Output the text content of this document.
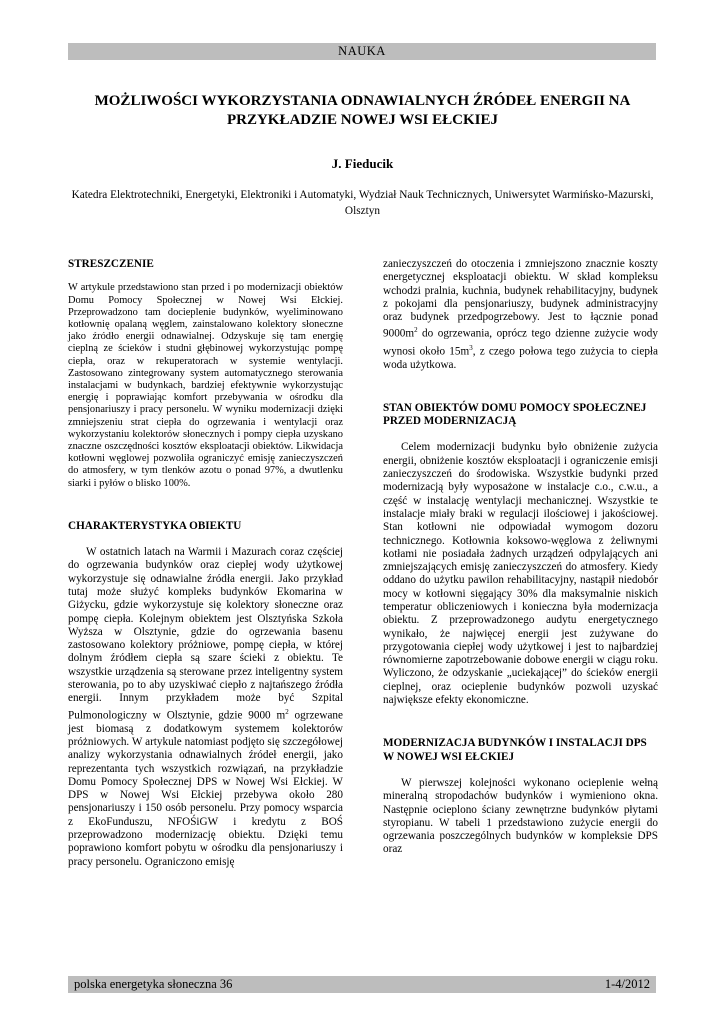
NAUKA
MOŻLIWOŚCI WYKORZYSTANIA ODNAWIALNYCH ŹRÓDEŁ ENERGII NA PRZYKŁADZIE NOWEJ WSI EŁCKIEJ
J. Fieducik
Katedra Elektrotechniki, Energetyki, Elektroniki i Automatyki, Wydział Nauk Technicznych, Uniwersytet Warmińsko-Mazurski, Olsztyn
STRESZCZENIE

W artykule przedstawiono stan przed i po modernizacji obiektów Domu Pomocy Społecznej w Nowej Wsi Ełckiej. Przeprowadzono tam docieplenie budynków, wyeliminowano kotłownię opalaną węglem, zainstalowano kolektory słoneczne jako źródło energii odnawialnej. Odzyskuje się tam energię cieplną ze ścieków i studni głębinowej wykorzystując pompę ciepła, oraz w rekuperatorach w systemie wentylacji. Zastosowano zintegrowany system automatycznego sterowania instalacjami w budynkach, bardziej efektywnie wykorzystując energię i poprawiając komfort przebywania w ośrodku dla pensjonariuszy i pracy personelu. W wyniku modernizacji dzięki zmniejszeniu strat ciepła do ogrzewania i wentylacji oraz wykorzystaniu kolektorów słonecznych i pompy ciepła uzyskano znaczne oszczędności kosztów eksploatacji obiektów. Likwidacja kotłowni węglowej pozwoliła ograniczyć emisję zanieczyszczeń do atmosfery, w tym tlenków azotu o ponad 97%, a dwutlenku siarki i pyłów o blisko 100%.

CHARAKTERYSTYKA OBIEKTU

W ostatnich latach na Warmii i Mazurach coraz częściej do ogrzewania budynków oraz ciepłej wody użytkowej wykorzystuje się odnawialne źródła energii. Jako przykład tutaj może służyć kompleks budynków Ekomarina w Giżycku, gdzie wykorzystuje się kolektory słoneczne oraz pompę ciepła. Kolejnym obiektem jest Olsztyńska Szkoła Wyższa w Olsztynie, gdzie do ogrzewania basenu zastosowano kolektory próżniowe, pompę ciepła, w której dolnym źródłem ciepła są szare ścieki z obiektu. Te wszystkie urządzenia są sterowane przez inteligentny system sterowania, po to aby uzyskiwać ciepło z najtańszego źródła energii. Innym przykładem może być Szpital Pulmonologiczny w Olsztynie, gdzie 9000 $m^2$ ogrzewane jest biomasą z dodatkowym systemem kolektorów próżniowych. W artykule natomiast podjęto się szczegółowej analizy wykorzystania odnawialnych źródeł energii, jako reprezentanta tych wszystkich rozwiązań, na przykładzie Domu Pomocy Społecznej DPS w Nowej Wsi Ełckiej. W DPS w Nowej Wsi Ełckiej przebywa około 280 pensjonariuszy i 150 osób personelu. Przy pomocy wsparcia z EkoFunduszu, NFOŚiGW i kredytu z BOŚ przeprowadzono modernizację obiektu. Dzięki temu poprawiono komfort pobytu w ośrodku dla pensjonariuszy i pracy personelu. Ograniczono emisję

zanieczyszczeń do otoczenia i zmniejszono znacznie koszty energetycznej eksploatacji obiektu. W skład kompleksu wchodzi pralnia, kuchnia, budynek rehabilitacyjny, budynek z pokojami dla pensjonariuszy, budynek administracyjny oraz budynek przedpogrzebowy. Jest to łącznie ponad $9000m^2$ do ogrzewania, oprócz tego dzienne zużycie wody wynosi około $15m^3$, z czego połowa tego zużycia to ciepła woda użytkowa.

STAN OBIEKTÓW DOMU POMOCY SPOŁECZNEJ PRZED MODERNIZACJĄ

Celem modernizacji budynku było obniżenie zużycia energii, obniżenie kosztów eksploatacji i ograniczenie emisji zanieczyszczeń do środowiska. Wszystkie budynki przed modernizacją były wyposażone w instalacje c.o., c.w.u., a część w instalację wentylacji mechanicznej. Wszystkie te instalacje miały braki w regulacji ilościowej i jakościowej. Stan kotłowni nie odpowiadał wymogom dozoru technicznego. Kotłownia koksowo-węglowa z żeliwnymi kotłami nie posiadała żadnych urządzeń odpylających ani zmniejszających emisję zanieczyszczeń do atmosfery. Kiedy oddano do użytku pawilon rehabilitacyjny, nastąpił niedobór mocy w kotłowni sięgający 30% dla maksymalnie niskich temperatur obliczeniowych i konieczna była modernizacja obiektu. Z przeprowadzonego audytu energetycznego wynikało, że najwięcej energii jest zużywane do przygotowania ciepłej wody użytkowej i jest to najbardziej równomierne zapotrzebowanie dobowe energii w ciągu roku. Wyliczono, że odzyskanie „uciekającej” do ścieków energii cieplnej, oraz ocieplenie budynków pozwoli uzyskać największe efekty ekonomiczne.

MODERNIZACJA BUDYNKÓW I INSTALACJI DPS W NOWEJ WSI EŁCKIEJ

W pierwszej kolejności wykonano ocieplenie wełną mineralną stropodachów budynków i wymieniono okna. Następnie ocieplono ściany zewnętrzne budynków płytami styropianu. W tabeli 1 przedstawiono zużycie energii do ogrzewania poszczególnych budynków w kompleksie DPS oraz

polska energetyka słoneczna 36	1-4/2012
